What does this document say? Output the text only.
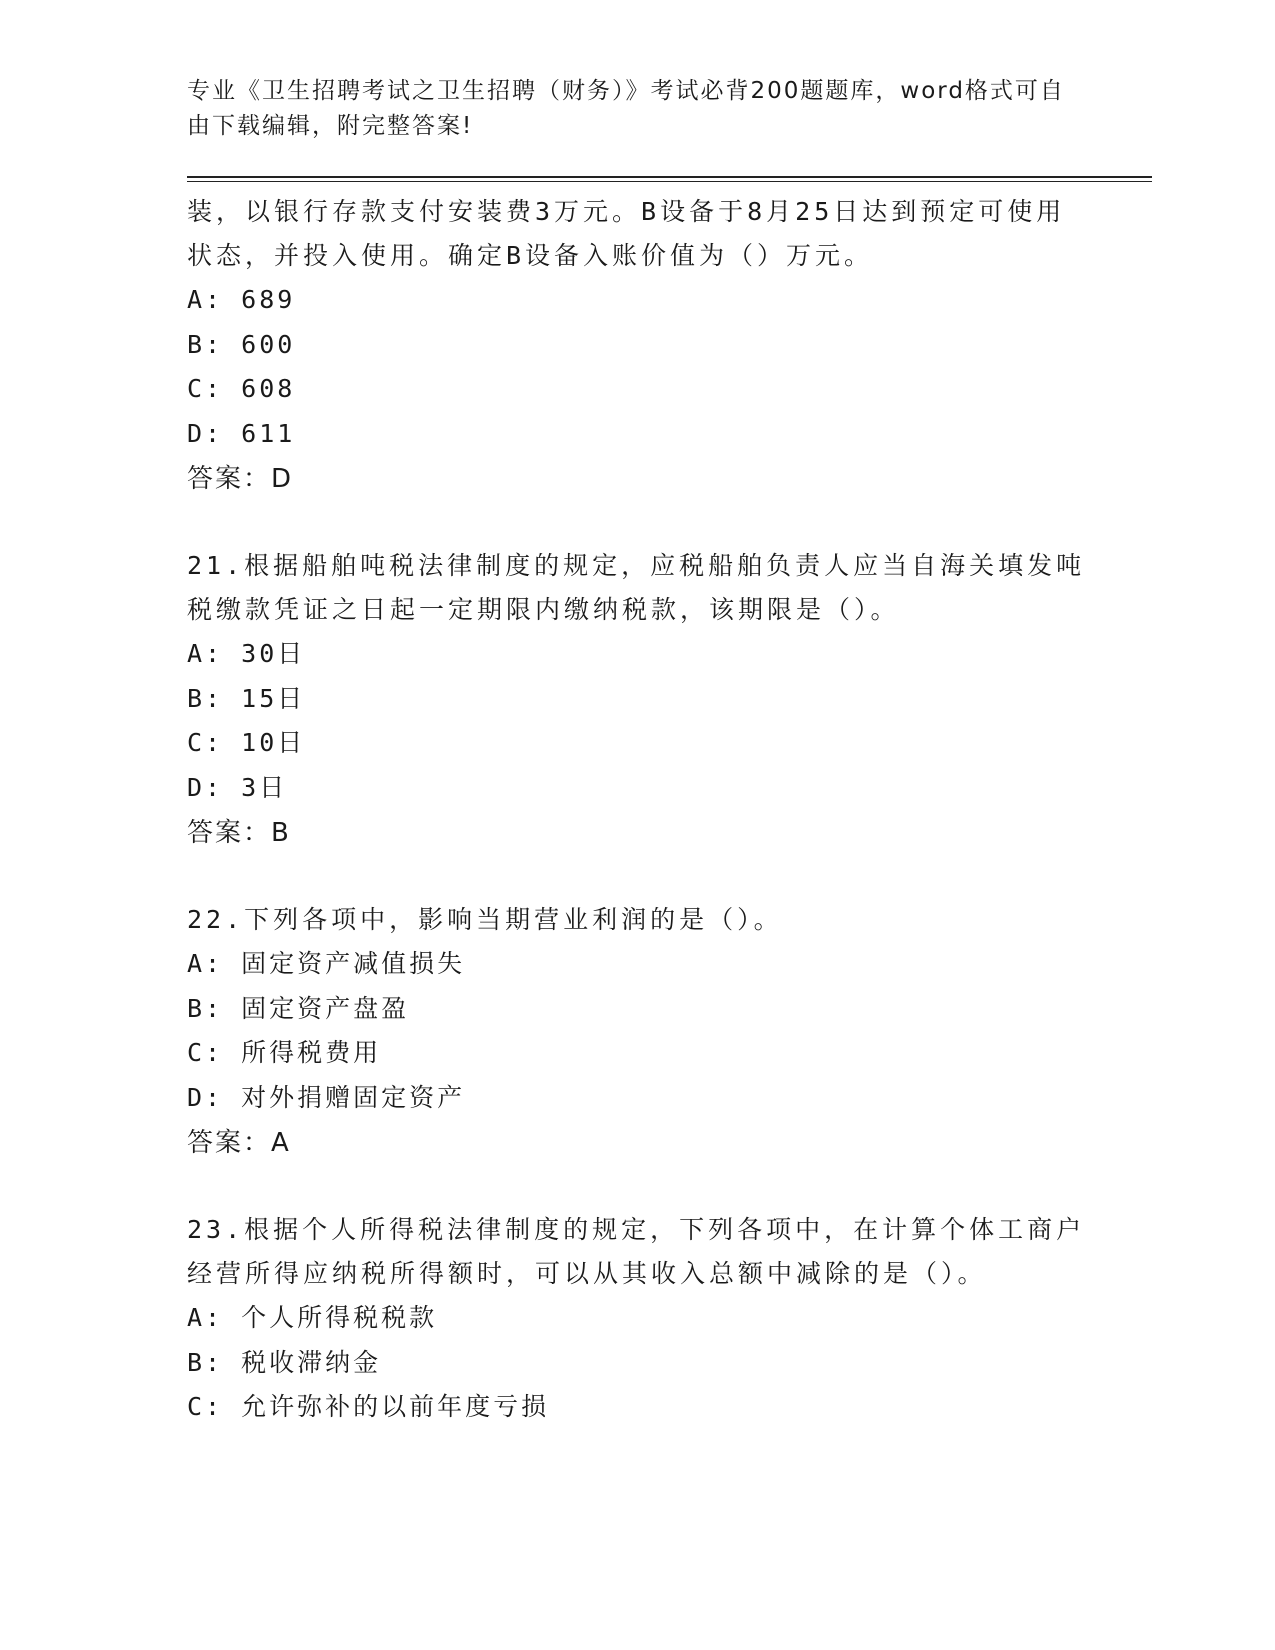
专业《卫生招聘考试之卫生招聘（财务）》考试必背200题题库，word格式可自由下载编辑，附完整答案!

装，以银行存款支付安装费3万元。B设备于8月25日达到预定可使用状态，并投入使用。确定B设备入账价值为（）万元。

A: 689

B: 600

C: 608

D: 611

答案：D

21.根据船舶吨税法律制度的规定，应税船舶负责人应当自海关填发吨税缴款凭证之日起一定期限内缴纳税款，该期限是（）。

A: 30日

B: 15日

C: 10日

D: 3日

答案：B

22.下列各项中，影响当期营业利润的是（）。

A: 固定资产减值损失

B: 固定资产盘盈

C: 所得税费用

D: 对外捐赠固定资产

答案：A

23.根据个人所得税法律制度的规定，下列各项中，在计算个体工商户经营所得应纳税所得额时，可以从其收入总额中减除的是（）。

A: 个人所得税税款

B: 税收滞纳金

C: 允许弥补的以前年度亏损
